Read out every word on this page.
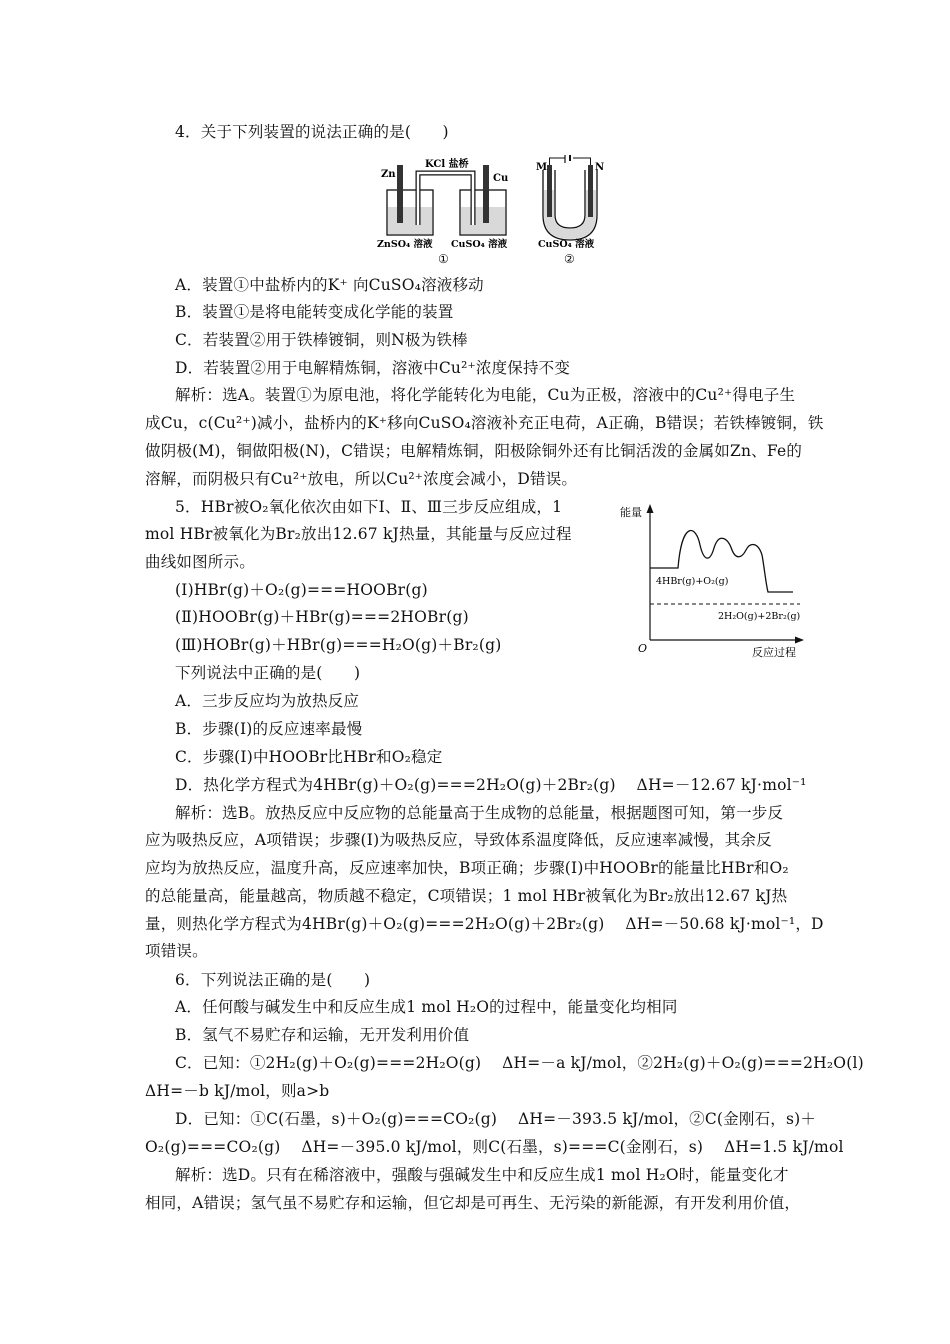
4．关于下列装置的说法正确的是(　　)
Zn	Cu
KCl 盐桥
ZnSO₄ 溶液 CuSO₄ 溶液
①
M	N
CuSO₄ 溶液
②
A．装置①中盐桥内的K⁺ 向CuSO₄溶液移动
B．装置①是将电能转变成化学能的装置
C．若装置②用于铁棒镀铜，则N极为铁棒
D．若装置②用于电解精炼铜，溶液中Cu²⁺浓度保持不变
解析：选A。装置①为原电池，将化学能转化为电能，Cu为正极，溶液中的Cu²⁺得电子生
成Cu，c(Cu²⁺)减小，盐桥内的K⁺移向CuSO₄溶液补充正电荷，A正确，B错误；若铁棒镀铜，铁
做阴极(M)，铜做阳极(N)，C错误；电解精炼铜，阳极除铜外还有比铜活泼的金属如Zn、Fe的
溶解，而阴极只有Cu²⁺放电，所以Cu²⁺浓度会减小，D错误。
5．HBr被O₂氧化依次由如下Ⅰ、Ⅱ、Ⅲ三步反应组成，1
mol HBr被氧化为Br₂放出12.67 kJ热量，其能量与反应过程
曲线如图所示。
(Ⅰ)HBr(g)＋O₂(g)===HOOBr(g)
(Ⅱ)HOOBr(g)＋HBr(g)===2HOBr(g)
(Ⅲ)HOBr(g)＋HBr(g)===H₂O(g)＋Br₂(g)
下列说法中正确的是(　　)
能量
O	反应过程
4HBr(g)+O₂(g)
2H₂O(g)+2Br₂(g)
A．三步反应均为放热反应
B．步骤(Ⅰ)的反应速率最慢
C．步骤(Ⅰ)中HOOBr比HBr和O₂稳定
D．热化学方程式为4HBr(g)＋O₂(g)===2H₂O(g)＋2Br₂(g)　 ΔH=－12.67 kJ·mol⁻¹
解析：选B。放热反应中反应物的总能量高于生成物的总能量，根据题图可知，第一步反
应为吸热反应，A项错误；步骤(Ⅰ)为吸热反应，导致体系温度降低，反应速率减慢，其余反
应均为放热反应，温度升高，反应速率加快，B项正确；步骤(Ⅰ)中HOOBr的能量比HBr和O₂
的总能量高，能量越高，物质越不稳定，C项错误；1 mol HBr被氧化为Br₂放出12.67 kJ热
量，则热化学方程式为4HBr(g)＋O₂(g)===2H₂O(g)＋2Br₂(g)　 ΔH=－50.68 kJ·mol⁻¹，D
项错误。
6．下列说法正确的是(　　)
A．任何酸与碱发生中和反应生成1 mol H₂O的过程中，能量变化均相同
B．氢气不易贮存和运输，无开发利用价值
C．已知：①2H₂(g)＋O₂(g)===2H₂O(g)　 ΔH=－a kJ/mol，②2H₂(g)＋O₂(g)===2H₂O(l)
ΔH=－b kJ/mol，则a>b
D．已知：①C(石墨，s)＋O₂(g)===CO₂(g)　 ΔH=－393.5 kJ/mol，②C(金刚石，s)＋
O₂(g)===CO₂(g)　 ΔH=－395.0 kJ/mol，则C(石墨，s)===C(金刚石，s)　 ΔH=1.5 kJ/mol
解析：选D。只有在稀溶液中，强酸与强碱发生中和反应生成1 mol H₂O时，能量变化才
相同，A错误；氢气虽不易贮存和运输，但它却是可再生、无污染的新能源，有开发利用价值，
